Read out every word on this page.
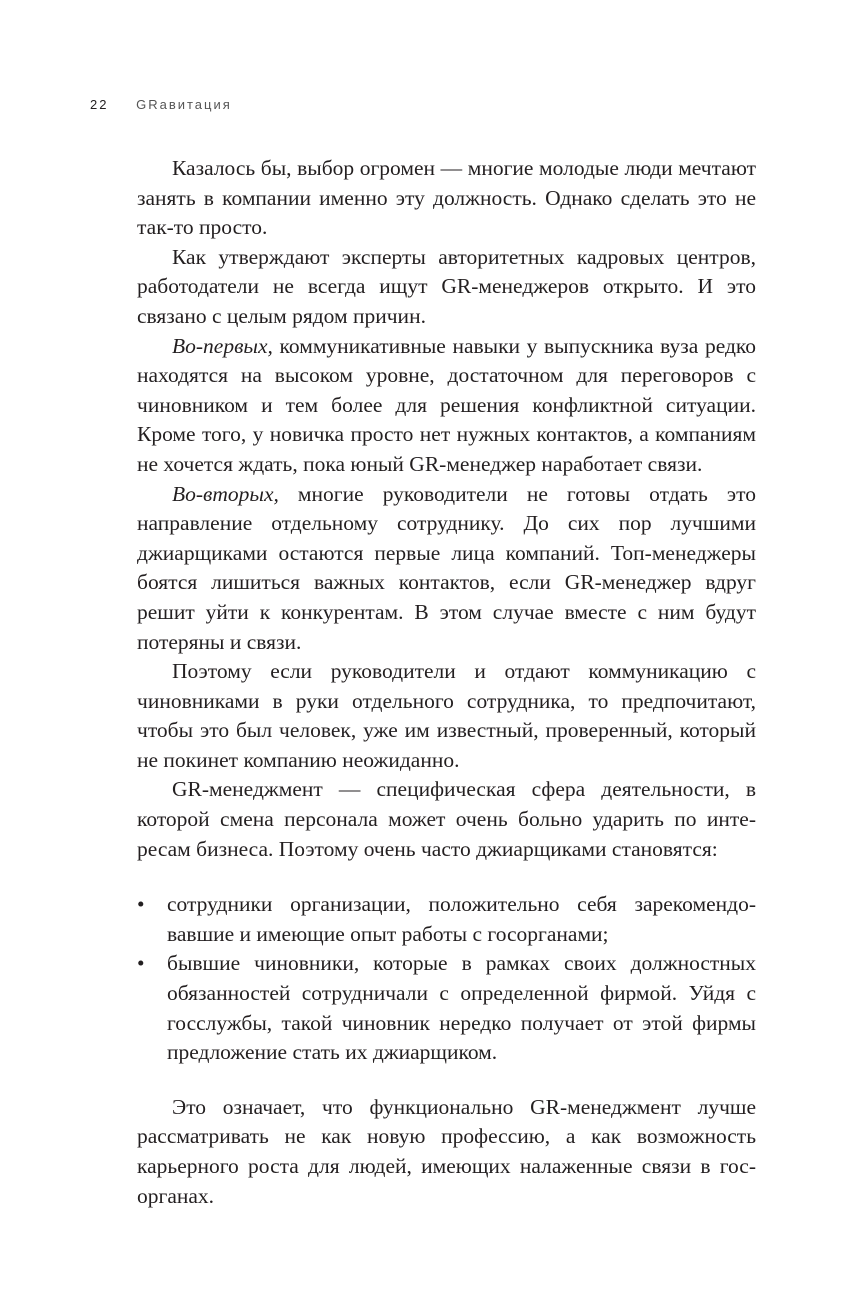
22 GRавитация

Казалось бы, выбор огромен — многие молодые люди мечтают занять в компании именно эту должность. Однако сделать это не так-то просто.

Как утверждают эксперты авторитетных кадровых центров, работодатели не всегда ищут GR-менеджеров открыто. И это связано с целым рядом причин.

Во-первых, коммуникативные навыки у выпускника вуза редко находятся на высоком уровне, достаточном для переговоров с чиновником и тем более для решения конфликтной ситуации. Кроме того, у новичка просто нет нужных контактов, а компаниям не хочется ждать, пока юный GR-менеджер наработает связи.

Во-вторых, многие руководители не готовы отдать это направление отдельному сотруднику. До сих пор лучшими джиарщиками остаются первые лица компаний. Топ-менеджеры боятся лишиться важных контактов, если GR-менеджер вдруг решит уйти к конкурентам. В этом случае вместе с ним будут потеряны и связи.

Поэтому если руководители и отдают коммуникацию с чиновниками в руки отдельного сотрудника, то предпочитают, чтобы это был человек, уже им известный, проверенный, который не покинет компанию неожиданно.

GR-менеджмент — специфическая сфера деятельности, в которой смена персонала может очень больно ударить по интересам бизнеса. Поэтому очень часто джиарщиками становятся:

• сотрудники организации, положительно себя зарекомендовавшие и имеющие опыт работы с госорганами;
• бывшие чиновники, которые в рамках своих должностных обязанностей сотрудничали с определенной фирмой. Уйдя с госслужбы, такой чиновник нередко получает от этой фирмы предложение стать их джиарщиком.

Это означает, что функционально GR-менеджмент лучше рассматривать не как новую профессию, а как возможность карьерного роста для людей, имеющих налаженные связи в госорганах.
